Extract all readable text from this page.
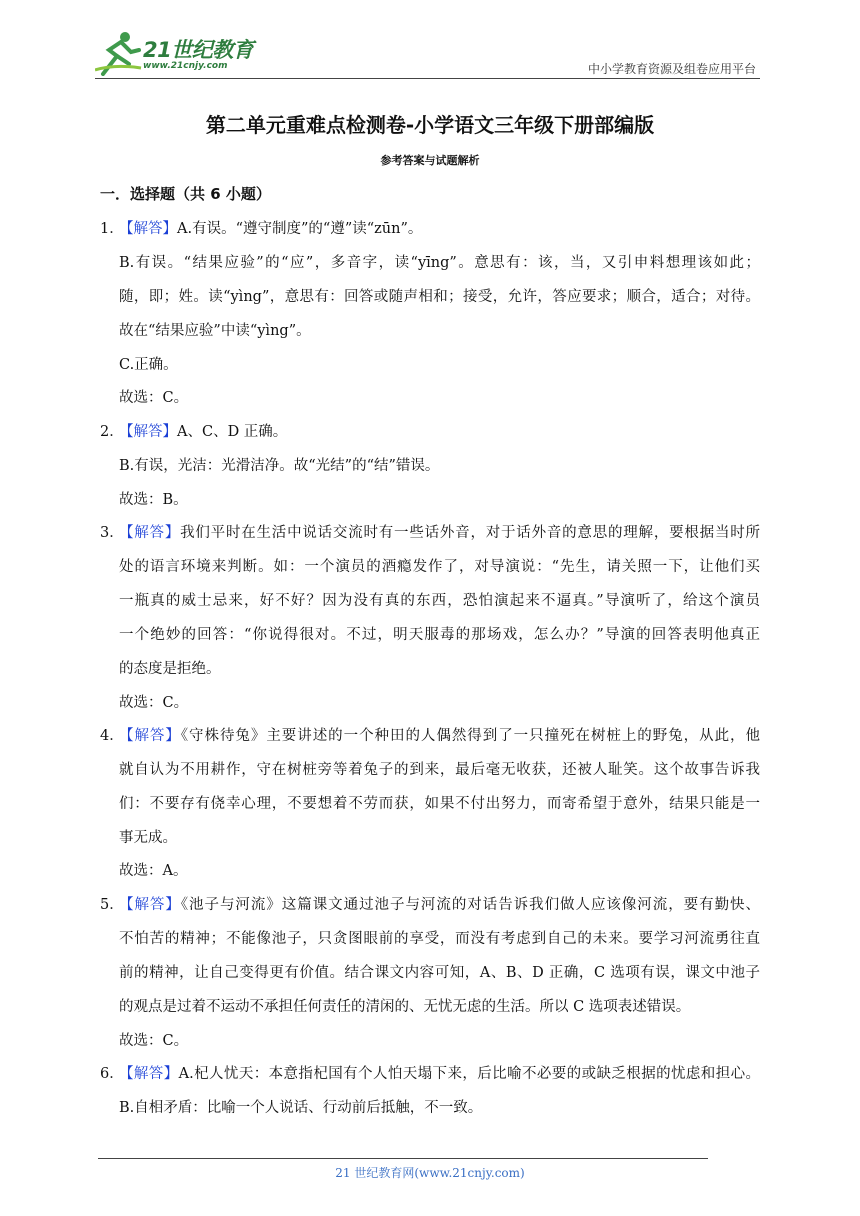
21世纪教育
www.21cnjy.com	中小学教育资源及组卷应用平台
第二单元重难点检测卷-小学语文三年级下册部编版
参考答案与试题解析
一．选择题（共 6 小题）
1．
【解答】A.有误。“遵守制度”的“遵”读“zūn”。
B.有误。“结果应验”的“应”，多音字，读“yīng”。意思有：该，当，又引申料想理该如此；
随，即；姓。读“yìng”，意思有：回答或随声相和；接受，允许，答应要求；顺合，适合；对待。
故在“结果应验”中读“yìng”。
C.正确。
故选：C。
2．
【解答】A、C、D 正确。
B.有误，光洁：光滑洁净。故“光结”的“结”错误。
故选：B。
3．
【解答】我们平时在生活中说话交流时有一些话外音，对于话外音的意思的理解，要根据当时所
处的语言环境来判断。如：一个演员的酒瘾发作了，对导演说：“先生，请关照一下，让他们买
一瓶真的威士忌来，好不好？因为没有真的东西，恐怕演起来不逼真。”导演听了，给这个演员
一个绝妙的回答：“你说得很对。不过，明天服毒的那场戏，怎么办？”导演的回答表明他真正
的态度是拒绝。
故选：C。
4．
【解答】《守株待兔》主要讲述的一个种田的人偶然得到了一只撞死在树桩上的野兔，从此，他
就自认为不用耕作，守在树桩旁等着兔子的到来，最后毫无收获，还被人耻笑。这个故事告诉我
们：不要存有侥幸心理，不要想着不劳而获，如果不付出努力，而寄希望于意外，结果只能是一
事无成。
故选：A。
5．
【解答】《池子与河流》这篇课文通过池子与河流的对话告诉我们做人应该像河流，要有勤快、
不怕苦的精神；不能像池子，只贪图眼前的享受，而没有考虑到自己的未来。要学习河流勇往直
前的精神，让自己变得更有价值。结合课文内容可知，A、B、D 正确，C 选项有误，课文中池子
的观点是过着不运动不承担任何责任的清闲的、无忧无虑的生活。所以 C 选项表述错误。
故选：C。
6．
【解答】A.杞人忧天：本意指杞国有个人怕天塌下来，后比喻不必要的或缺乏根据的忧虑和担心。
B.自相矛盾：比喻一个人说话、行动前后抵触，不一致。
21 世纪教育网(www.21cnjy.com)
